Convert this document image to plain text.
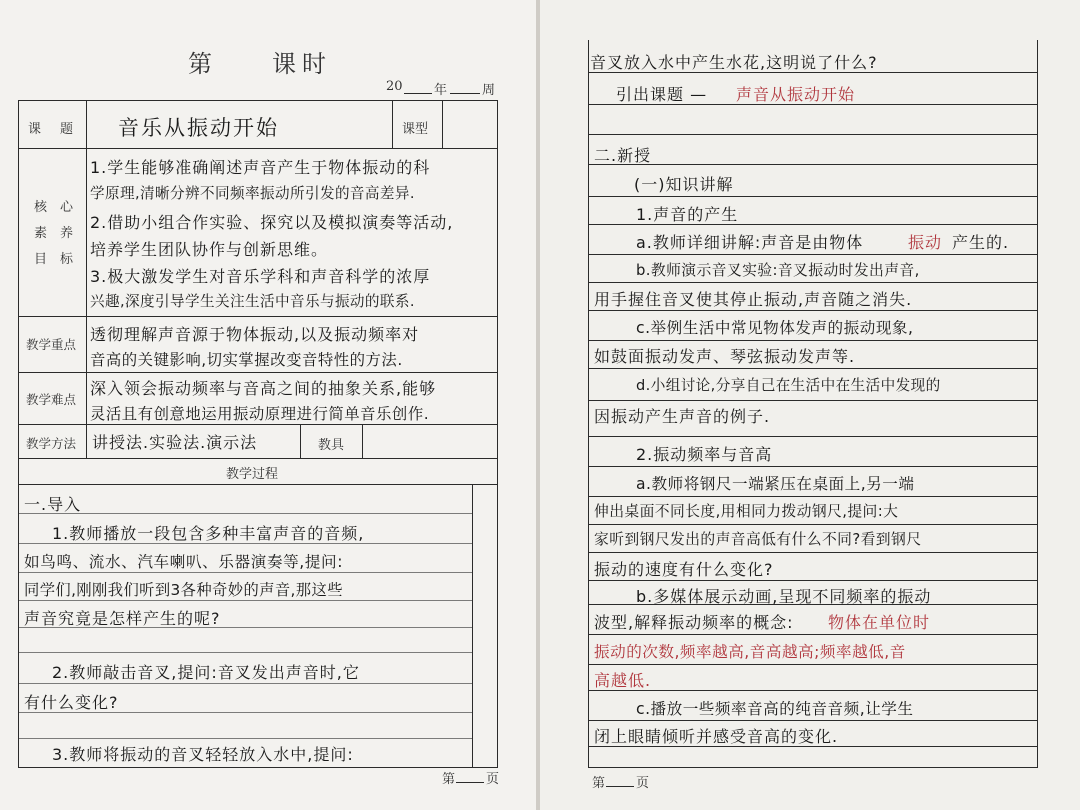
第 课时
20 年	周
课　题 音乐从振动开始	课型
核　心
素　养
目　标
1.学生能够准确阐述声音产生于物体振动的科
学原理,清晰分辨不同频率振动所引发的音高差异.
2.借助小组合作实验、探究以及模拟演奏等活动,
培养学生团队协作与创新思维。
3.极大激发学生对音乐学科和声音科学的浓厚
兴趣,深度引导学生关注生活中音乐与振动的联系.
教学重点
透彻理解声音源于物体振动,以及振动频率对
音高的关键影响,切实掌握改变音特性的方法.
教学难点
深入领会振动频率与音高之间的抽象关系,能够
灵活且有创意地运用振动原理进行简单音乐创作.
教学方法 讲授法.实验法.演示法	教具
教学过程
一.导入
1.教师播放一段包含多种丰富声音的音频,
如鸟鸣、流水、汽车喇叭、乐器演奏等,提问:
同学们,刚刚我们听到3各种奇妙的声音,那这些
声音究竟是怎样产生的呢?
2.教师敲击音叉,提问:音叉发出声音时,它
有什么变化?
3.教师将振动的音叉轻轻放入水中,提问:
第 页
音叉放入水中产生水花,这明说了什么?
引出课题 — 声音从振动开始
二.新授
(一)知识讲解
1.声音的产生
a.教师详细讲解:声音是由物体	振动 产生的.
b.教师演示音叉实验:音叉振动时发出声音,
用手握住音叉使其停止振动,声音随之消失.
c.举例生活中常见物体发声的振动现象,
如鼓面振动发声、琴弦振动发声等.
d.小组讨论,分享自己在生活中在生活中发现的
因振动产生声音的例子.
2.振动频率与音高
a.教师将钢尺一端紧压在桌面上,另一端
伸出桌面不同长度,用相同力拨动钢尺,提问:大
家听到钢尺发出的声音高低有什么不同?看到钢尺
振动的速度有什么变化?
b.多媒体展示动画,呈现不同频率的振动
波型,解释振动频率的概念: 物体在单位时
振动的次数,频率越高,音高越高;频率越低,音
高越低.
c.播放一些频率音高的纯音音频,让学生
闭上眼睛倾听并感受音高的变化.
第 页
